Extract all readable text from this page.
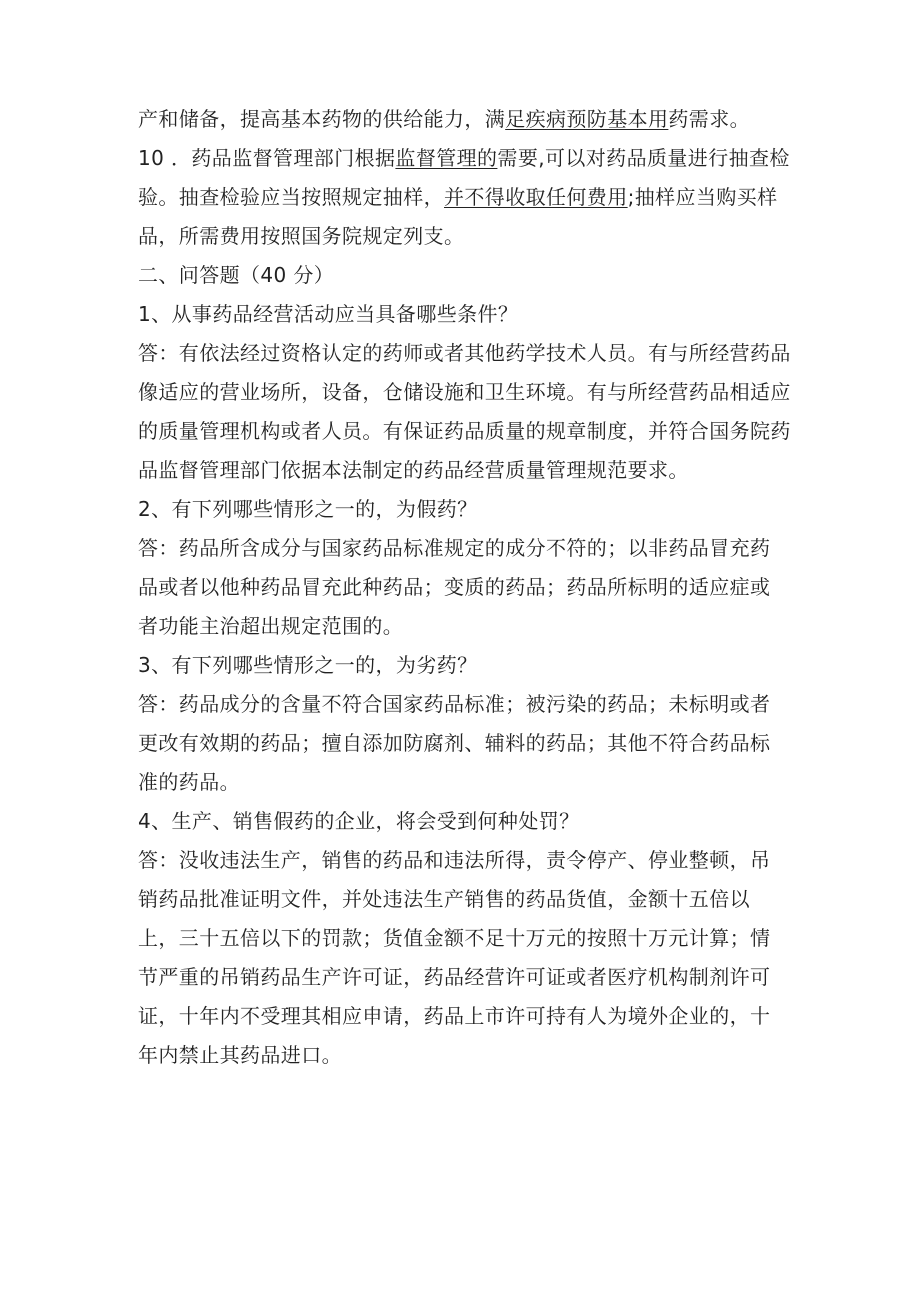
产和储备，提高基本药物的供给能力，满足疾病预防基本用药需求。
10 ．药品监督管理部门根据监督管理的需要,可以对药品质量进行抽查检
验。抽查检验应当按照规定抽样，并不得收取任何费用;抽样应当购买样
品，所需费用按照国务院规定列支。
二、问答题（40 分）
1、从事药品经营活动应当具备哪些条件？
答：有依法经过资格认定的药师或者其他药学技术人员。有与所经营药品
像适应的营业场所，设备，仓储设施和卫生环境。有与所经营药品相适应
的质量管理机构或者人员。有保证药品质量的规章制度，并符合国务院药
品监督管理部门依据本法制定的药品经营质量管理规范要求。
2、有下列哪些情形之一的，为假药？
答：药品所含成分与国家药品标准规定的成分不符的；以非药品冒充药
品或者以他种药品冒充此种药品；变质的药品；药品所标明的适应症或
者功能主治超出规定范围的。
3、有下列哪些情形之一的，为劣药？
答：药品成分的含量不符合国家药品标准；被污染的药品；未标明或者
更改有效期的药品；擅自添加防腐剂、辅料的药品；其他不符合药品标
准的药品。
4、生产、销售假药的企业，将会受到何种处罚？
答：没收违法生产，销售的药品和违法所得，责令停产、停业整顿，吊
销药品批准证明文件，并处违法生产销售的药品货值，金额十五倍以
上，三十五倍以下的罚款；货值金额不足十万元的按照十万元计算；情
节严重的吊销药品生产许可证，药品经营许可证或者医疗机构制剂许可
证，十年内不受理其相应申请，药品上市许可持有人为境外企业的，十
年内禁止其药品进口。
